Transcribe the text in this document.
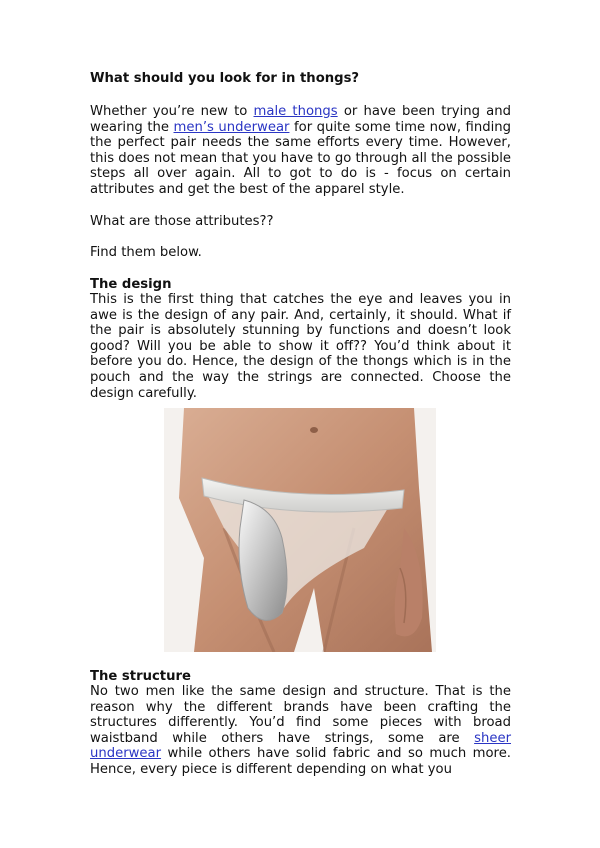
What should you look for in thongs?
Whether you’re new to male thongs or have been trying and wearing the men’s underwear for quite some time now, finding the perfect pair needs the same efforts every time. However, this does not mean that you have to go through all the possible steps all over again. All to got to do is - focus on certain attributes and get the best of the apparel style.
What are those attributes??
Find them below.
The design
This is the first thing that catches the eye and leaves you in awe is the design of any pair. And, certainly, it should. What if the pair is absolutely stunning by functions and doesn’t look good? Will you be able to show it off?? You’d think about it before you do. Hence, the design of the thongs which is in the pouch and the way the strings are connected. Choose the design carefully.
The structure
No two men like the same design and structure. That is the reason why the different brands have been crafting the structures differently. You’d find some pieces with broad waistband while others have strings, some are sheer underwear while others have solid fabric and so much more. Hence, every piece is different depending on what you
